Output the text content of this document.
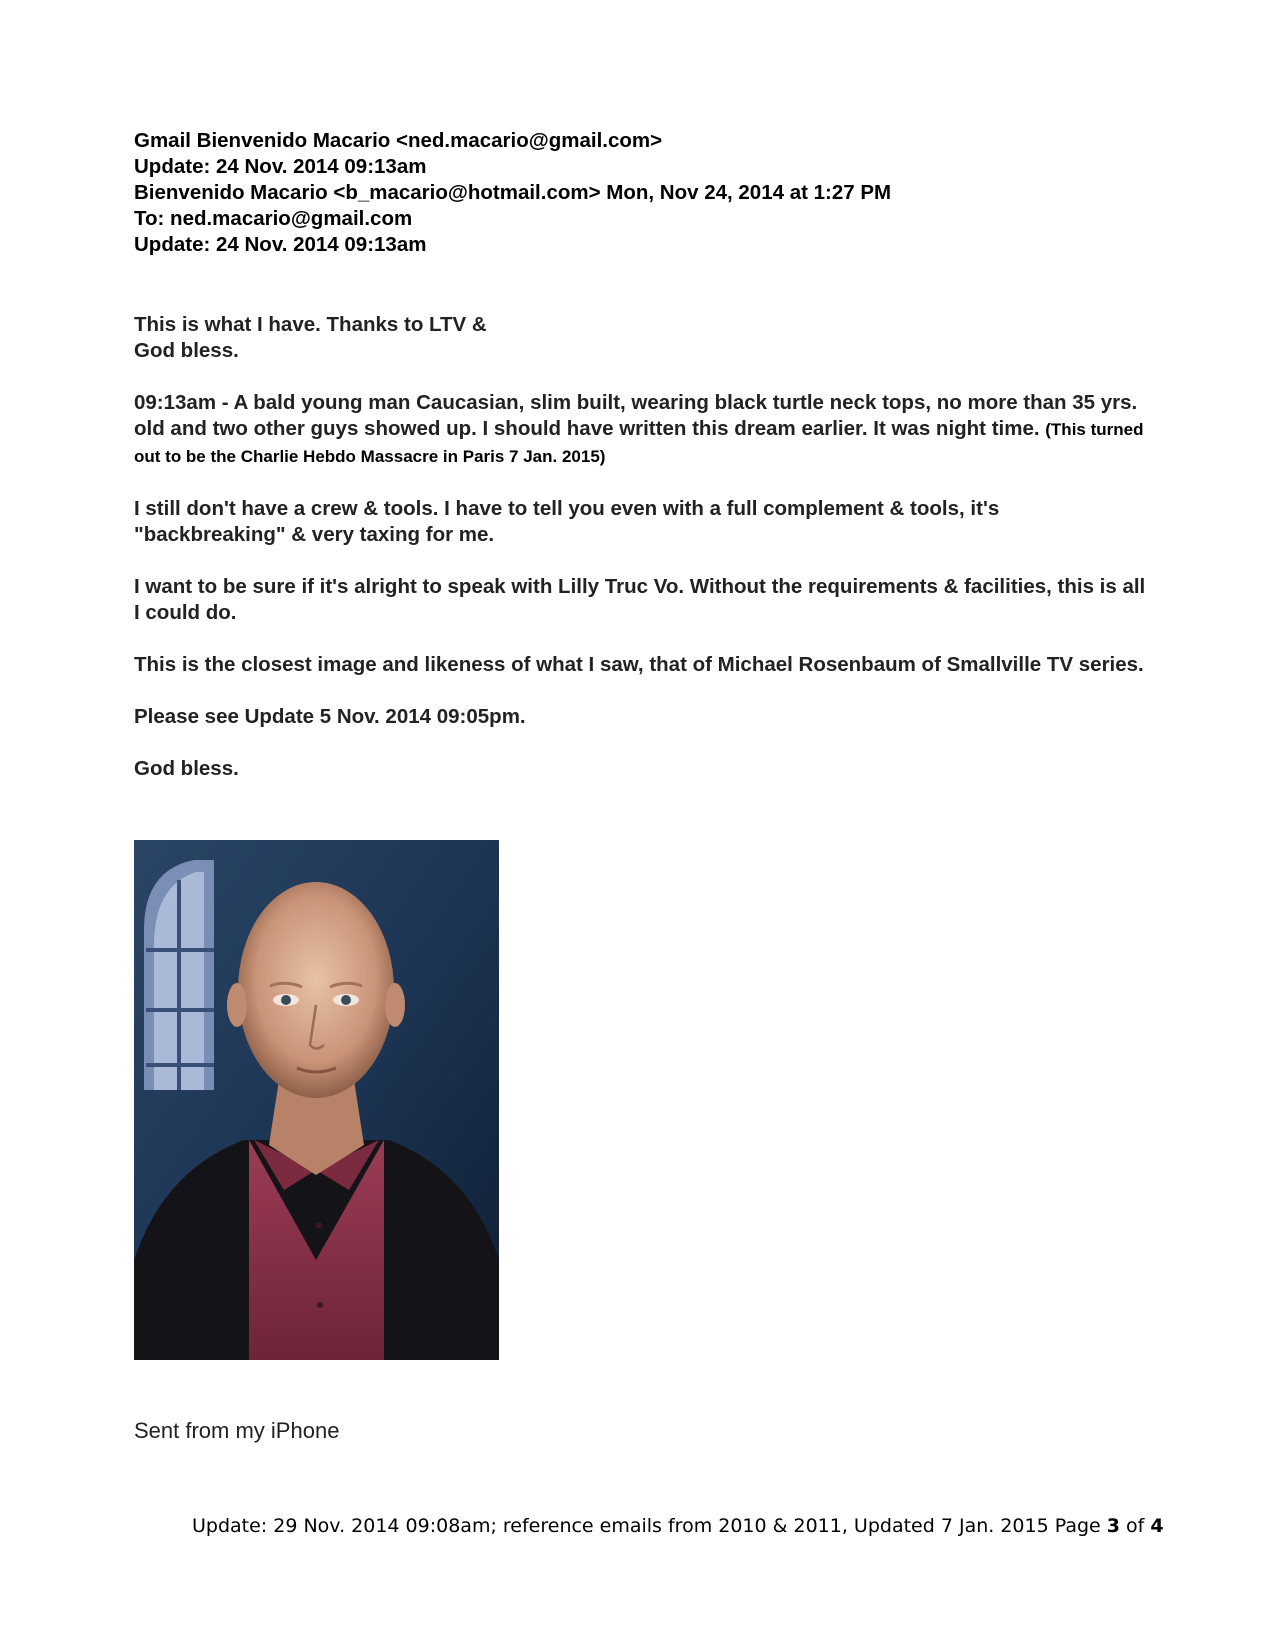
Gmail Bienvenido Macario <ned.macario@gmail.com>
Update: 24 Nov. 2014 09:13am
Bienvenido Macario <b_macario@hotmail.com> Mon, Nov 24, 2014 at 1:27 PM
To: ned.macario@gmail.com
Update: 24 Nov. 2014 09:13am

This is what I have. Thanks to LTV &
God bless.

09:13am - A bald young man Caucasian, slim built, wearing black turtle neck tops, no more than 35 yrs. old and two other guys showed up. I should have written this dream earlier. It was night time. (This turned out to be the Charlie Hebdo Massacre in Paris 7 Jan. 2015)

I still don't have a crew & tools. I have to tell you even with a full complement & tools, it's "backbreaking" & very taxing for me.

I want to be sure if it's alright to speak with Lilly Truc Vo. Without the requirements & facilities, this is all I could do.

This is the closest image and likeness of what I saw, that of Michael Rosenbaum of Smallville TV series.

Please see Update 5 Nov. 2014 09:05pm.

God bless.

Sent from my iPhone
Update: 29 Nov. 2014 09:08am; reference emails from 2010 & 2011, Updated 7 Jan. 2015 Page 3 of 4
